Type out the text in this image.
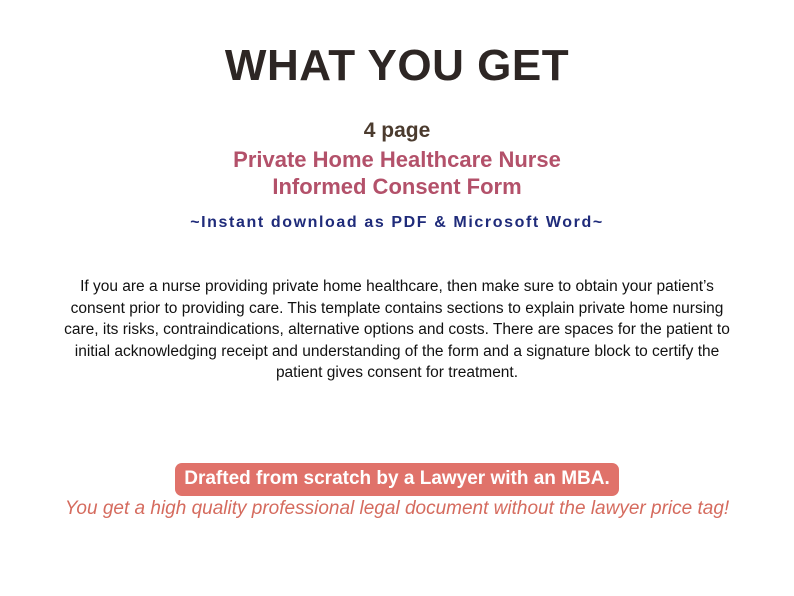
WHAT YOU GET
4 page
Private Home Healthcare Nurse
Informed Consent Form
~Instant download as PDF & Microsoft Word~

If you are a nurse providing private home healthcare, then make sure to obtain your patient’s consent prior to providing care. This template contains sections to explain private home nursing care, its risks, contraindications, alternative options and costs. There are spaces for the patient to initial acknowledging receipt and understanding of the form and a signature block to certify the patient gives consent for treatment.

Drafted from scratch by a Lawyer with an MBA.
You get a high quality professional legal document without the lawyer price tag!
